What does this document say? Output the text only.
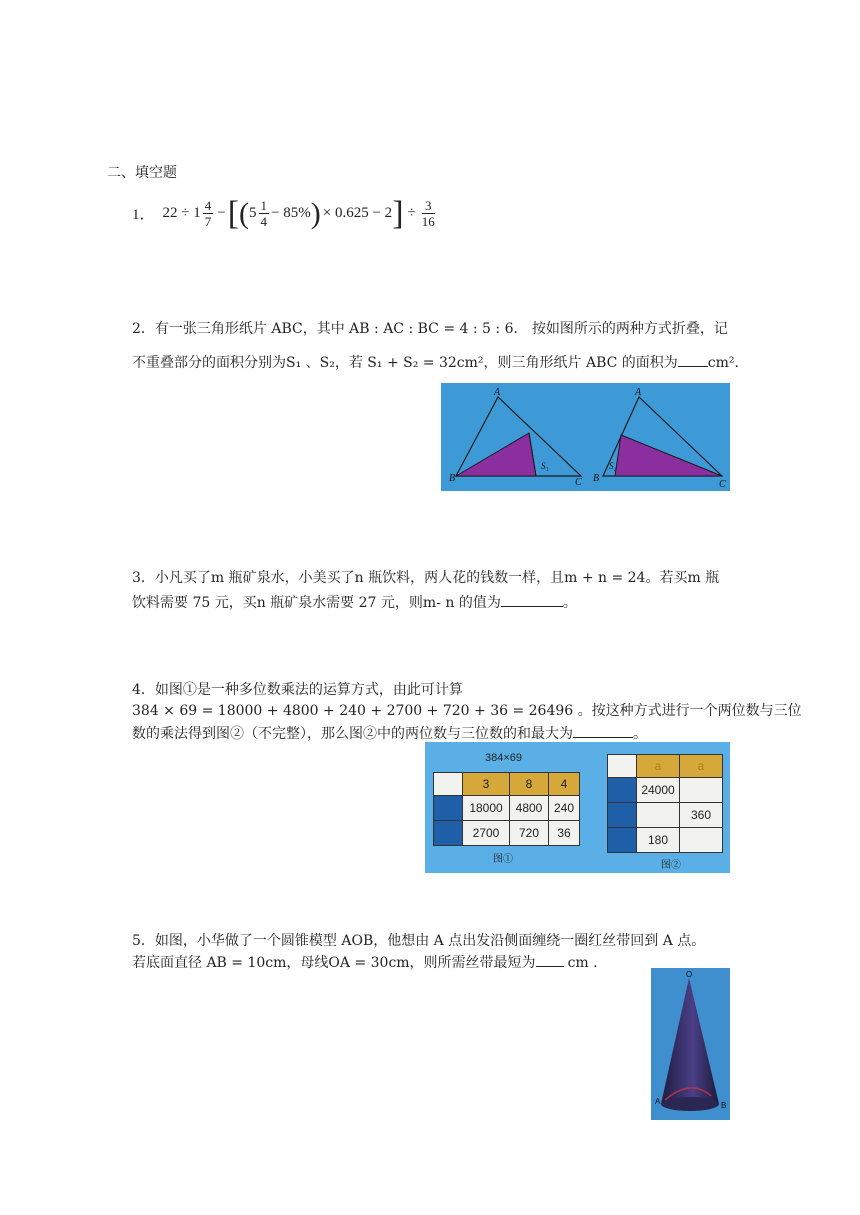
二、填空题
1． $22 \div 1 \frac{4}{7}$ − [ ( $5 \frac{1}{4} - 85\%$ ) × 0.625 − 2 ] ÷ $\frac{3}{16}$
2．有一张三角形纸片 ABC，其中 AB : AC : BC = 4 : 5 : 6． 按如图所示的两种方式折叠，记
不重叠部分的面积分别为S₁ 、S₂，若 S₁ + S₂ = 32cm²，则三角形纸片 ABC 的面积为 cm².
A
B	C
S₁
A
B
C
S₂
3．小凡买了m 瓶矿泉水，小美买了n 瓶饮料，两人花的钱数一样，且m + n = 24。若买m 瓶
饮料需要 75 元，买n 瓶矿泉水需要 27 元，则m- n 的值为	。
4．如图①是一种多位数乘法的运算方式，由此可计算
384 × 69 = 18000 + 4800 + 240 + 2700 + 720 + 36 = 26496 。按这种方式进行一个两位数与三位
数的乘法得到图②（不完整），那么图②中的两位数与三位数的和最大为	。
384×69
	3	8	4
6	18000	4800	240
9	2700	720	36
图①
	a	a
a	24000	
a		360
a	180	
图②
5．如图，小华做了一个圆锥模型 AOB，他想由 A 点出发沿侧面缠绕一圈红丝带回到 A 点。
若底面直径 AB = 10cm，母线OA = 30cm，则所需丝带最短为 cm .
O
A	B
